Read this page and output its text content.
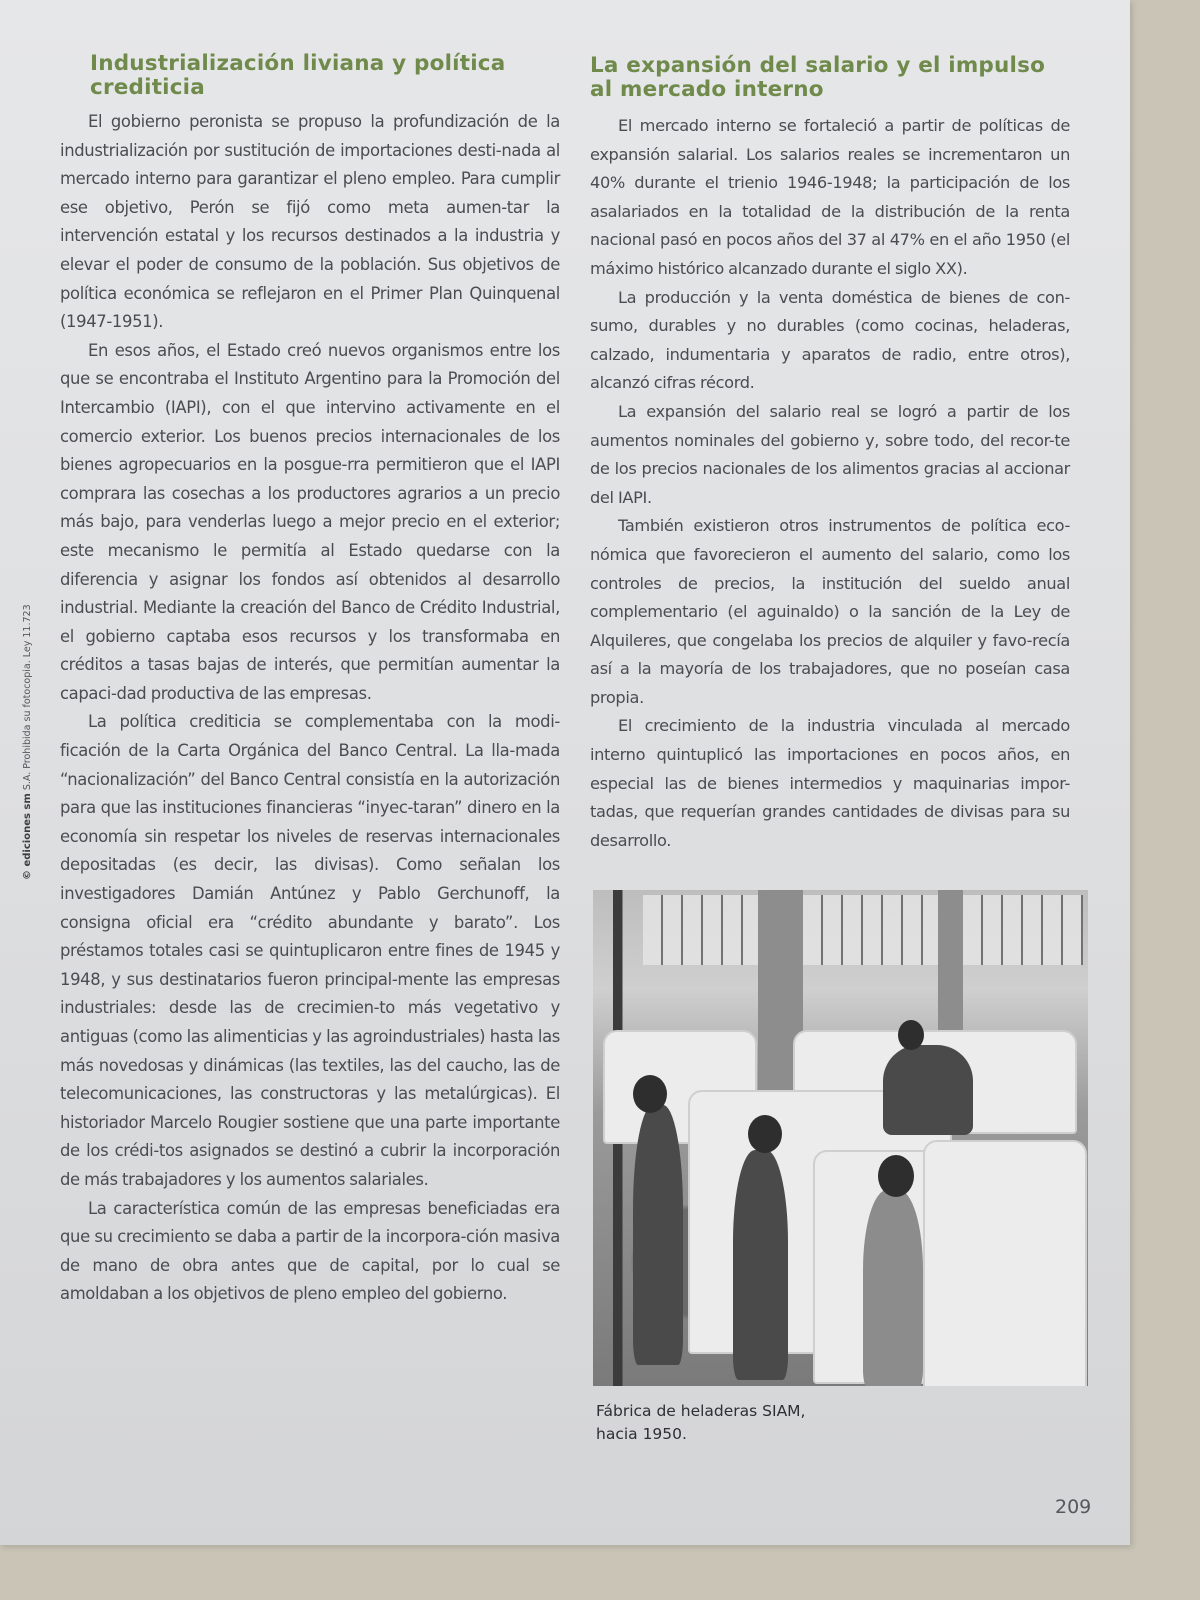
© ediciones sm S.A. Prohibida su fotocopia. Ley 11.723
Industrialización liviana y política crediticia

El gobierno peronista se propuso la profundización de la industrialización por sustitución de importaciones desti-nada al mercado interno para garantizar el pleno empleo. Para cumplir ese objetivo, Perón se fijó como meta aumen-tar la intervención estatal y los recursos destinados a la industria y elevar el poder de consumo de la población. Sus objetivos de política económica se reflejaron en el Primer Plan Quinquenal (1947-1951).

En esos años, el Estado creó nuevos organismos entre los que se encontraba el Instituto Argentino para la Promoción del Intercambio (IAPI), con el que intervino activamente en el comercio exterior. Los buenos precios internacionales de los bienes agropecuarios en la posgue-rra permitieron que el IAPI comprara las cosechas a los productores agrarios a un precio más bajo, para venderlas luego a mejor precio en el exterior; este mecanismo le permitía al Estado quedarse con la diferencia y asignar los fondos así obtenidos al desarrollo industrial. Mediante la creación del Banco de Crédito Industrial, el gobierno captaba esos recursos y los transformaba en créditos a tasas bajas de interés, que permitían aumentar la capaci-dad productiva de las empresas.

La política crediticia se complementaba con la modi-ficación de la Carta Orgánica del Banco Central. La lla-mada “nacionalización” del Banco Central consistía en la autorización para que las instituciones financieras “inyec-taran” dinero en la economía sin respetar los niveles de reservas internacionales depositadas (es decir, las divisas). Como señalan los investigadores Damián Antúnez y Pablo Gerchunoff, la consigna oficial era “crédito abundante y barato”. Los préstamos totales casi se quintuplicaron entre fines de 1945 y 1948, y sus destinatarios fueron principal-mente las empresas industriales: desde las de crecimien-to más vegetativo y antiguas (como las alimenticias y las agroindustriales) hasta las más novedosas y dinámicas (las textiles, las del caucho, las de telecomunicaciones, las constructoras y las metalúrgicas). El historiador Marcelo Rougier sostiene que una parte importante de los crédi-tos asignados se destinó a cubrir la incorporación de más trabajadores y los aumentos salariales.

La característica común de las empresas beneficiadas era que su crecimiento se daba a partir de la incorpora-ción masiva de mano de obra antes que de capital, por lo cual se amoldaban a los objetivos de pleno empleo del gobierno.

La expansión del salario y el impulso al mercado interno

El mercado interno se fortaleció a partir de políticas de expansión salarial. Los salarios reales se incrementaron un 40% durante el trienio 1946-1948; la participación de los asalariados en la totalidad de la distribución de la renta nacional pasó en pocos años del 37 al 47% en el año 1950 (el máximo histórico alcanzado durante el siglo XX).

La producción y la venta doméstica de bienes de con-sumo, durables y no durables (como cocinas, heladeras, calzado, indumentaria y aparatos de radio, entre otros), alcanzó cifras récord.

La expansión del salario real se logró a partir de los aumentos nominales del gobierno y, sobre todo, del recor-te de los precios nacionales de los alimentos gracias al accionar del IAPI.

También existieron otros instrumentos de política eco-nómica que favorecieron el aumento del salario, como los controles de precios, la institución del sueldo anual complementario (el aguinaldo) o la sanción de la Ley de Alquileres, que congelaba los precios de alquiler y favo-recía así a la mayoría de los trabajadores, que no poseían casa propia.

El crecimiento de la industria vinculada al mercado interno quintuplicó las importaciones en pocos años, en especial las de bienes intermedios y maquinarias impor-tadas, que requerían grandes cantidades de divisas para su desarrollo.

Fábrica de heladeras SIAM,
hacia 1950.
209
